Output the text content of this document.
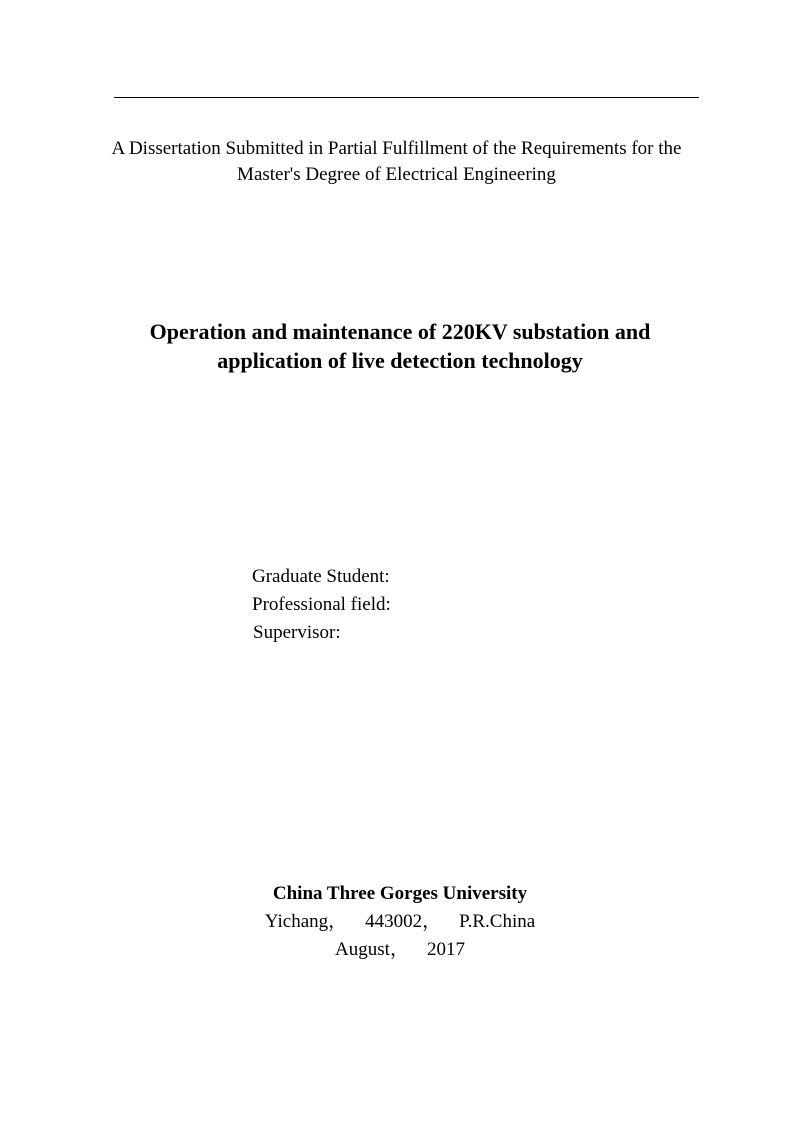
A Dissertation Submitted in Partial Fulfillment of the Requirements for the
Master's Degree of Electrical Engineering
Operation and maintenance of 220KV substation and
application of live detection technology
Graduate Student:
Professional field:
Supervisor:
China Three Gorges University
Yichang， 443002， P.R.China
August， 2017
